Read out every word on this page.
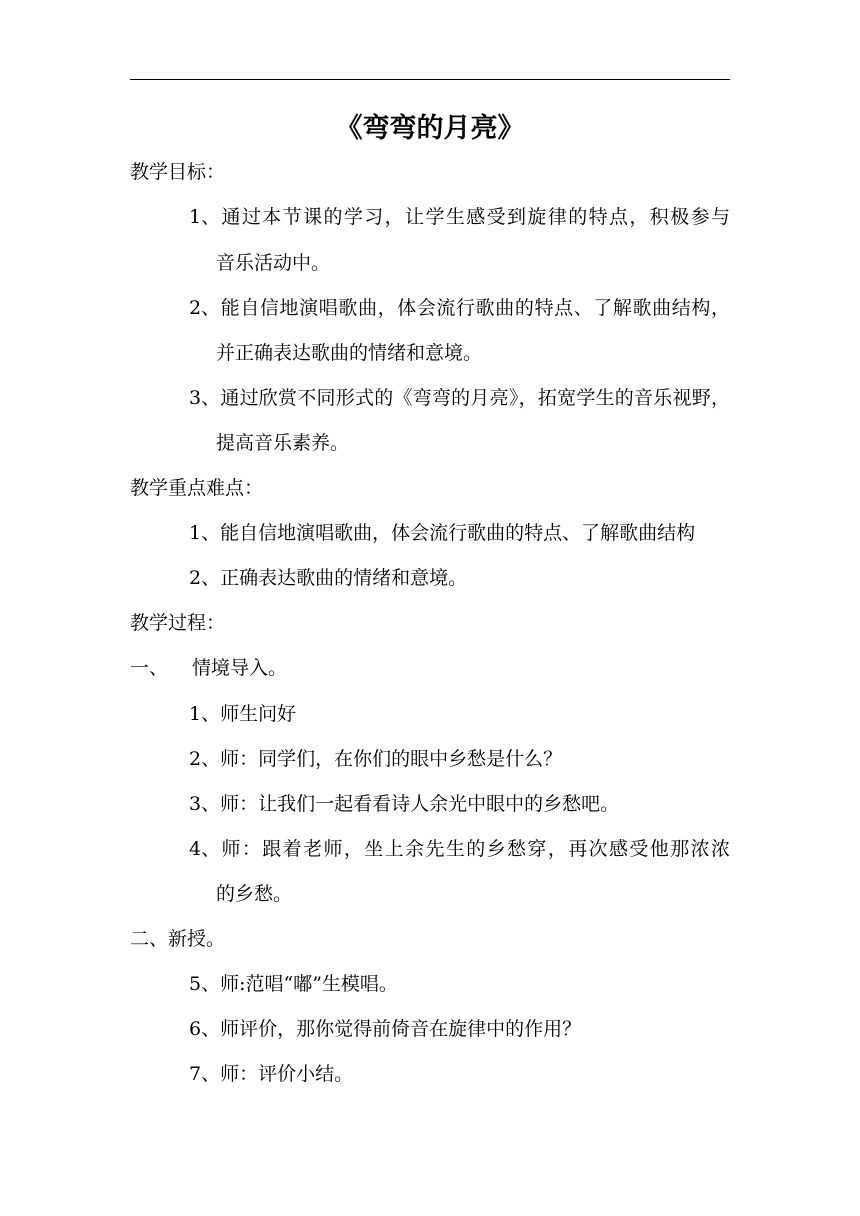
《弯弯的月亮》
教学目标：
1、通过本节课的学习，让学生感受到旋律的特点，积极参与
音乐活动中。
2、能自信地演唱歌曲，体会流行歌曲的特点、了解歌曲结构，
并正确表达歌曲的情绪和意境。
3、通过欣赏不同形式的《弯弯的月亮》，拓宽学生的音乐视野，
提高音乐素养。
教学重点难点：
1、能自信地演唱歌曲，体会流行歌曲的特点、了解歌曲结构
2、正确表达歌曲的情绪和意境。
教学过程：
一、 情境导入。
1、师生问好
2、师：同学们，在你们的眼中乡愁是什么？
3、师：让我们一起看看诗人余光中眼中的乡愁吧。
4、师：跟着老师，坐上余先生的乡愁穿，再次感受他那浓浓
的乡愁。
二、新授。
5、师:范唱“嘟”生模唱。
6、师评价，那你觉得前倚音在旋律中的作用？
7、师：评价小结。
